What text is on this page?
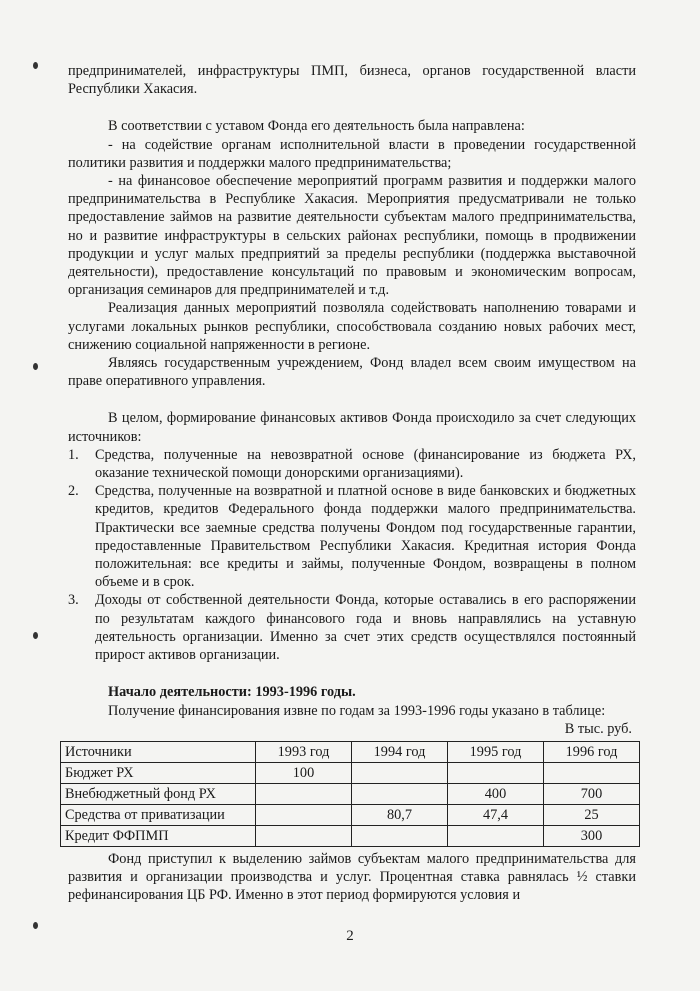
предпринимателей, инфраструктуры ПМП, бизнеса, органов государственной власти Республики Хакасия.

В соответствии с уставом Фонда его деятельность была направлена:

- на содействие органам исполнительной власти в проведении государственной политики развития и поддержки малого предпринимательства;

- на финансовое обеспечение мероприятий программ развития и поддержки малого предпринимательства в Республике Хакасия. Мероприятия предусматривали не только предоставление займов на развитие деятельности субъектам малого предпринимательства, но и развитие инфраструктуры в сельских районах республики, помощь в продвижении продукции и услуг малых предприятий за пределы республики (поддержка выставочной деятельности), предоставление консультаций по правовым и экономическим вопросам, организация семинаров для предпринимателей и т.д.

Реализация данных мероприятий позволяла содействовать наполнению товарами и услугами локальных рынков республики, способствовала созданию новых рабочих мест, снижению социальной напряженности в регионе.

Являясь государственным учреждением, Фонд владел всем своим имуществом на праве оперативного управления.

В целом, формирование финансовых активов Фонда происходило за счет следующих источников:

1. Средства, полученные на невозвратной основе (финансирование из бюджета РХ, оказание технической помощи донорскими организациями).
2. Средства, полученные на возвратной и платной основе в виде банковских и бюджетных кредитов, кредитов Федерального фонда поддержки малого предпринимательства. Практически все заемные средства получены Фондом под государственные гарантии, предоставленные Правительством Республики Хакасия. Кредитная история Фонда положительная: все кредиты и займы, полученные Фондом, возвращены в полном объеме и в срок.
3. Доходы от собственной деятельности Фонда, которые оставались в его распоряжении по результатам каждого финансового года и вновь направлялись на уставную деятельность организации. Именно за счет этих средств осуществлялся постоянный прирост активов организации.

Начало деятельности: 1993-1996 годы.

Получение финансирования извне по годам за 1993-1996 годы указано в таблице:

В тыс. руб.

Источники	1993 год	1994 год	1995 год	1996 год
Бюджет РХ	100			
Внебюджетный фонд РХ			400	700
Средства от приватизации		80,7	47,4	25
Кредит ФФПМП				300

Фонд приступил к выделению займов субъектам малого предпринимательства для развития и организации производства и услуг. Процентная ставка равнялась ½ ставки рефинансирования ЦБ РФ. Именно в этот период формируются условия и

2
